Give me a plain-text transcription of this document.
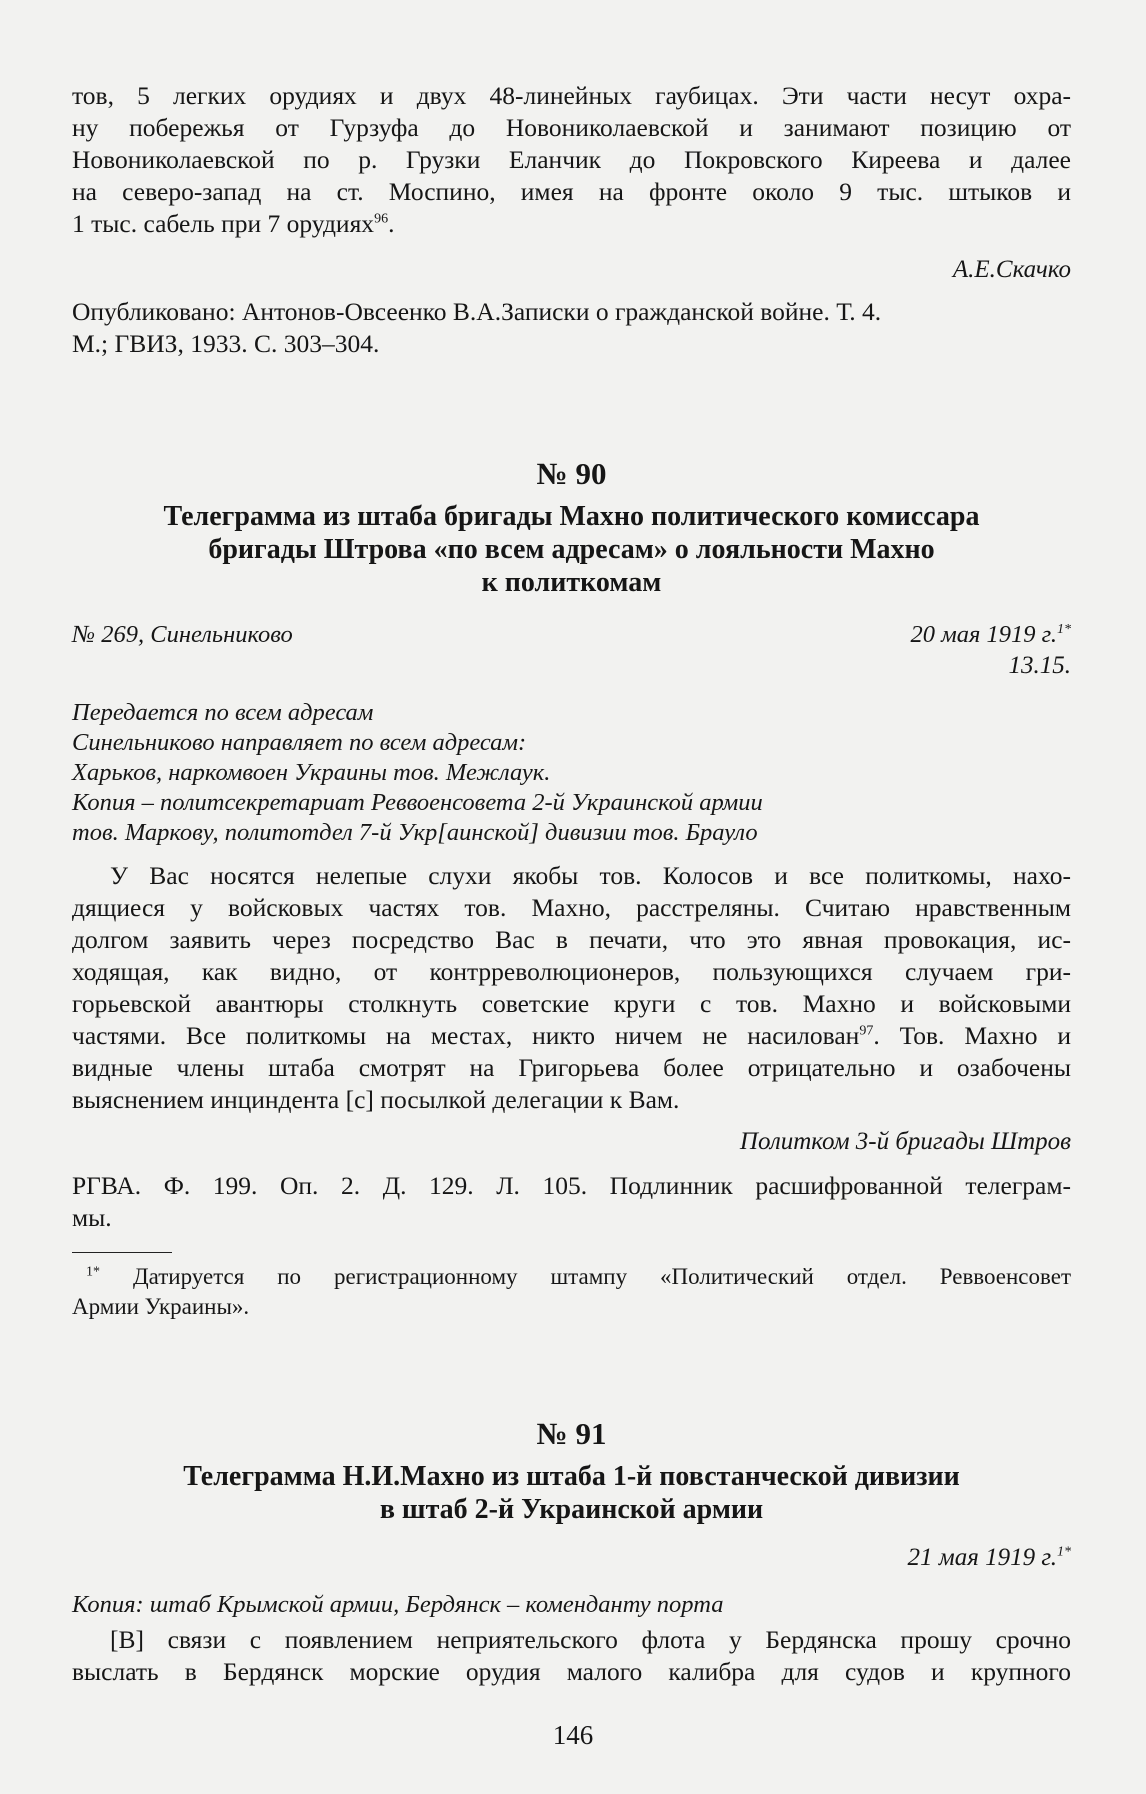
тов, 5 легких орудиях и двух 48-линейных гаубицах. Эти части несут охра-
ну побережья от Гурзуфа до Новониколаевской и занимают позицию от
Новониколаевской по р. Грузки Еланчик до Покровского Киреева и далее
на северо-запад на ст. Моспино, имея на фронте около 9 тыс. штыков и
1 тыс. сабель при 7 орудиях$^{96}$.
А.Е.Скачко
Опубликовано: Антонов-Овсеенко В.А.Записки о гражданской войне. Т. 4.
М.; ГВИЗ, 1933. С. 303–304.
№ 90
Телеграмма из штаба бригады Махно политического комиссара
бригады Штрова «по всем адресам» о лояльности Махно
к политкомам
№ 269, Синельниково	20 мая 1919 г.$^{1*}$
13.15.
Передается по всем адресам
Синельниково направляет по всем адресам:
Харьков, наркомвоен Украины тов. Межлаук.
Копия – политсекретариат Реввоенсовета 2-й Украинской армии
тов. Маркову, политотдел 7-й Укр[аинской] дивизии тов. Брауло
У Вас носятся нелепые слухи якобы тов. Колосов и все политкомы, нахо-
дящиеся у войсковых частях тов. Махно, расстреляны. Считаю нравственным
долгом заявить через посредство Вас в печати, что это явная провокация, ис-
ходящая, как видно, от контрреволюционеров, пользующихся случаем гри-
горьевской авантюры столкнуть советские круги с тов. Махно и войсковыми
частями. Все политкомы на местах, никто ничем не насилован$^{97}$. Тов. Махно и
видные члены штаба смотрят на Григорьева более отрицательно и озабочены
выяснением инциндента [с] посылкой делегации к Вам.
Политком 3-й бригады Штров
РГВА. Ф. 199. Оп. 2. Д. 129. Л. 105. Подлинник расшифрованной телеграм-
мы.
$^{1*}$ Датируется по регистрационному штампу «Политический отдел. Реввоенсовет
Армии Украины».
№ 91
Телеграмма Н.И.Махно из штаба 1-й повстанческой дивизии
в штаб 2-й Украинской армии
21 мая 1919 г.$^{1*}$
Копия: штаб Крымской армии, Бердянск – коменданту порта
[В] связи с появлением неприятельского флота у Бердянска прошу срочно
выслать в Бердянск морские орудия малого калибра для судов и крупного
146
